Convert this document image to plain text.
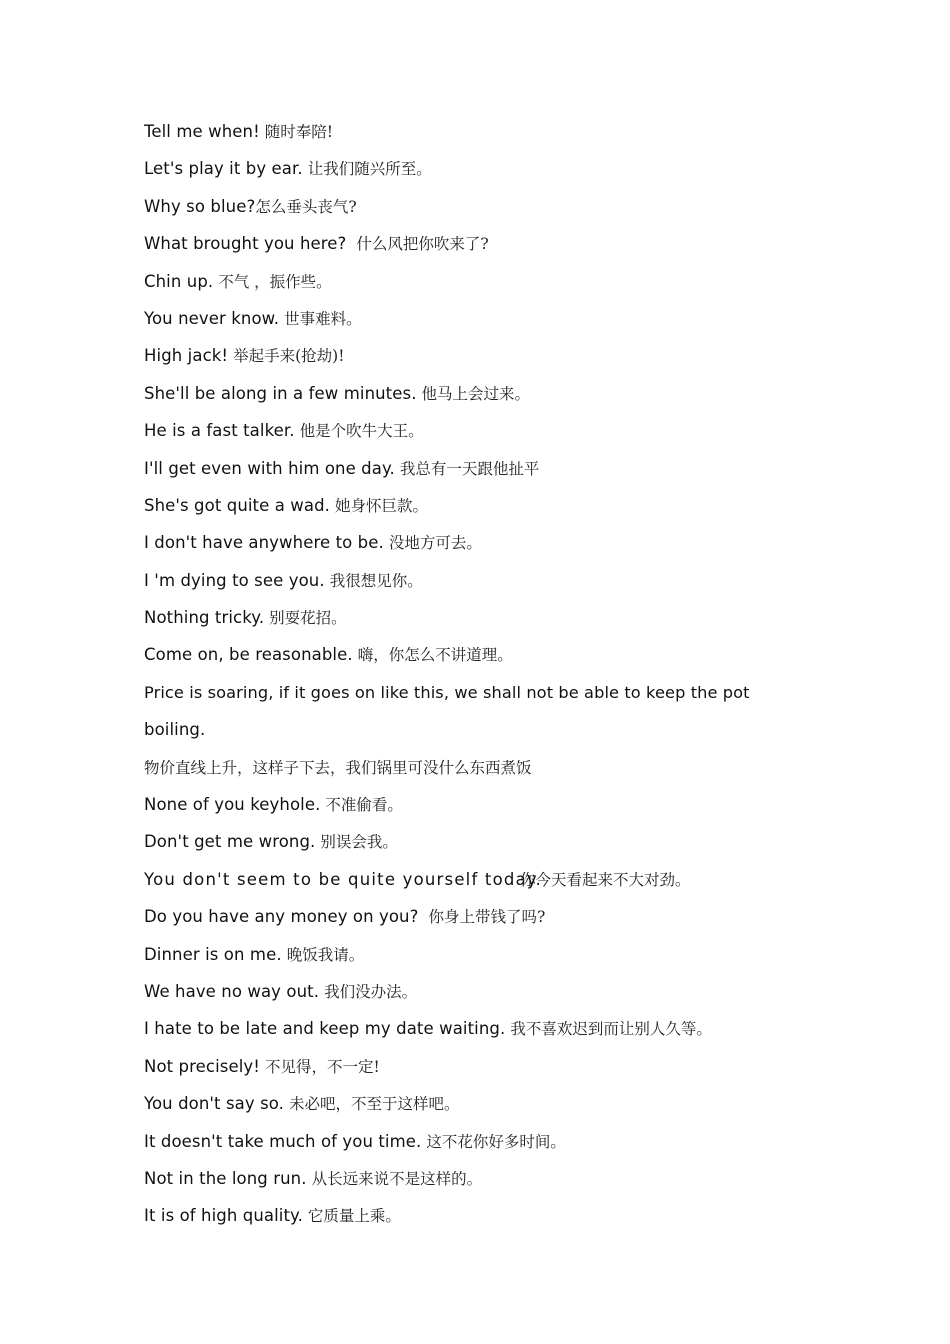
Tell me when! 随时奉陪!
Let's play it by ear. 让我们随兴所至。
Why so blue?怎么垂头丧气?
What brought you here? 什么风把你吹来了?
Chin up. 不气 ，振作些。
You never know. 世事难料。
High jack! 举起手来(抢劫)!
She'll be along in a few minutes. 他马上会过来。
He is a fast talker. 他是个吹牛大王。
I'll get even with him one day. 我总有一天跟他扯平
She's got quite a wad. 她身怀巨款。
I don't have anywhere to be. 没地方可去。
I 'm dying to see you. 我很想见你。
Nothing tricky. 别耍花招。
Come on, be reasonable. 嗨，你怎么不讲道理。
Price is soaring, if it goes on like this, we shall not be able to keep the pot
boiling.
物价直线上升，这样子下去，我们锅里可没什么东西煮饭
None of you keyhole. 不准偷看。
Don't get me wrong. 别误会我。
You don't seem to be quite yourself today.你今天看起来不大对劲。
Do you have any money on you? 你身上带钱了吗?
Dinner is on me. 晚饭我请。
We have no way out. 我们没办法。
I hate to be late and keep my date waiting. 我不喜欢迟到而让别人久等。
Not precisely! 不见得，不一定!
You don't say so. 未必吧，不至于这样吧。
It doesn't take much of you time. 这不花你好多时间。
Not in the long run. 从长远来说不是这样的。
It is of high quality. 它质量上乘。
